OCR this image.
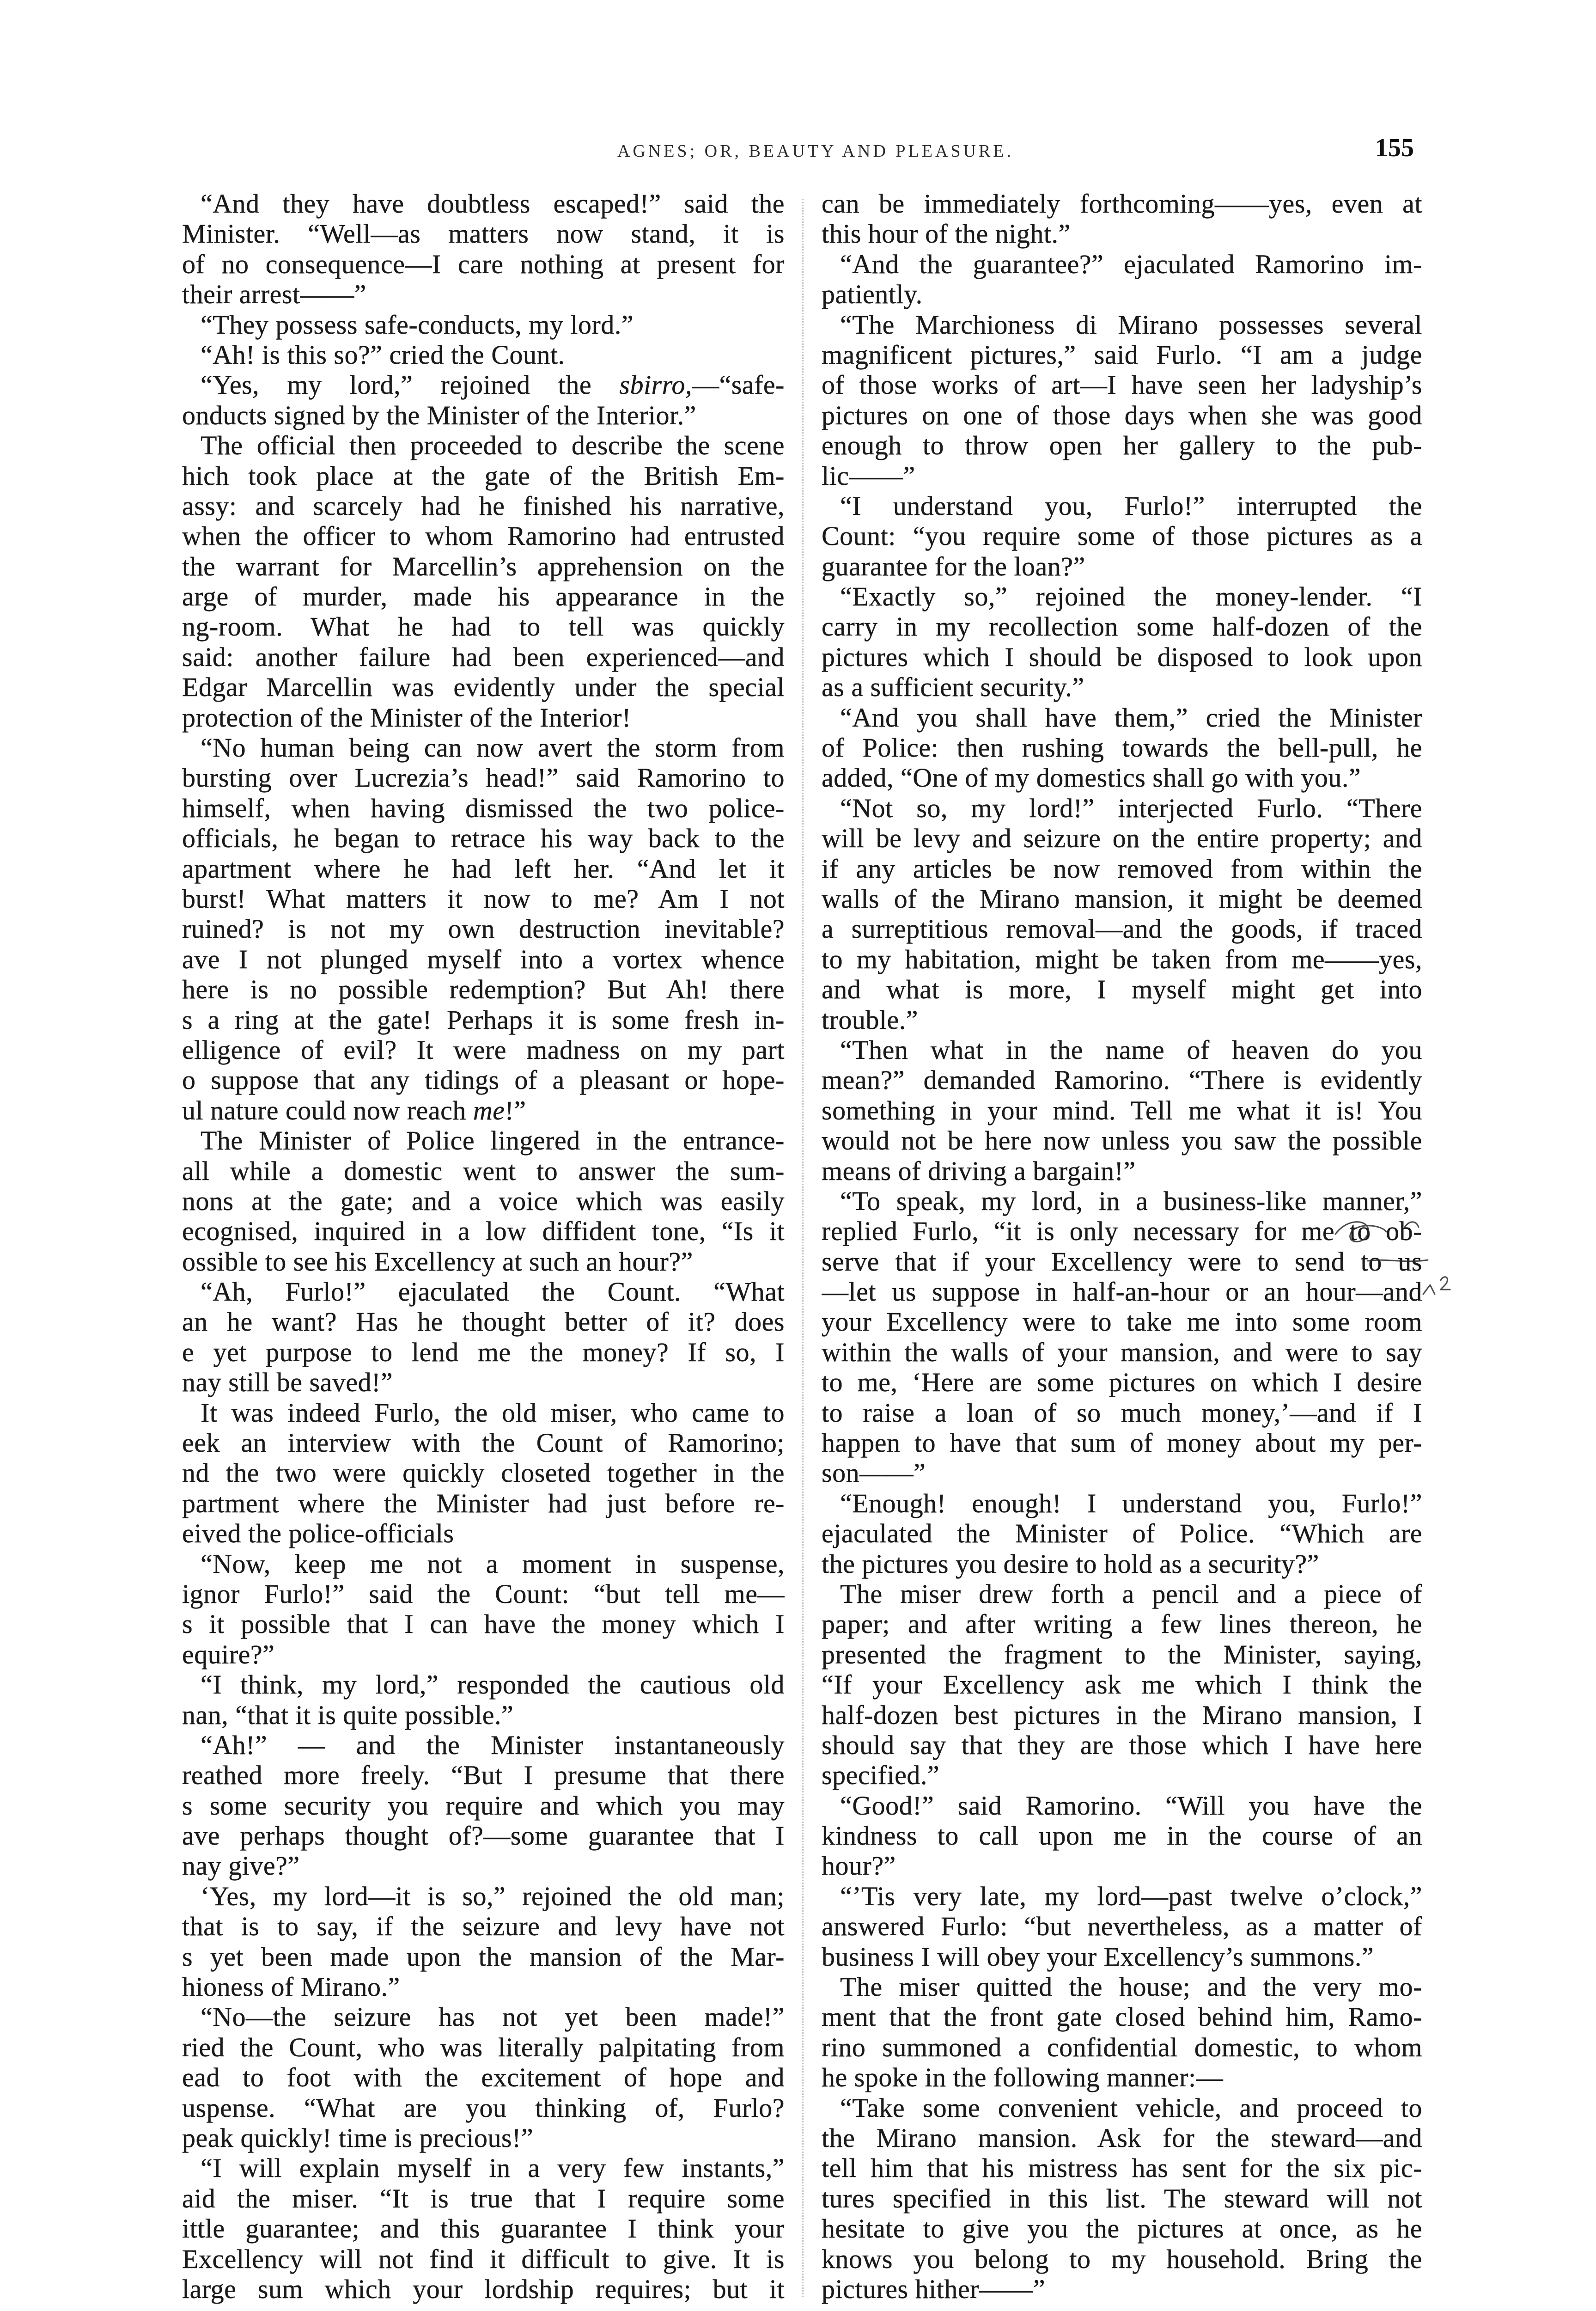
AGNES; OR, BEAUTY AND PLEASURE.	155
“And they have doubtless escaped!” said the
Minister. “Well—as matters now stand, it is
of no consequence—I care nothing at present for
their arrest——”
“They possess safe-conducts, my lord.”
“Ah! is this so?” cried the Count.
“Yes, my lord,” rejoined the sbirro,—“safe-
onducts signed by the Minister of the Interior.”
The official then proceeded to describe the scene
hich took place at the gate of the British Em-
assy: and scarcely had he finished his narrative,
when the officer to whom Ramorino had entrusted
the warrant for Marcellin’s apprehension on the
arge of murder, made his appearance in the
ng-room. What he had to tell was quickly
said: another failure had been experienced—and
Edgar Marcellin was evidently under the special
protection of the Minister of the Interior!
“No human being can now avert the storm from
bursting over Lucrezia’s head!” said Ramorino to
himself, when having dismissed the two police-
officials, he began to retrace his way back to the
apartment where he had left her. “And let it
burst! What matters it now to me? Am I not
ruined? is not my own destruction inevitable?
ave I not plunged myself into a vortex whence
here is no possible redemption? But Ah! there
s a ring at the gate! Perhaps it is some fresh in-
elligence of evil? It were madness on my part
o suppose that any tidings of a pleasant or hope-
ul nature could now reach me!”
The Minister of Police lingered in the entrance-
all while a domestic went to answer the sum-
nons at the gate; and a voice which was easily
ecognised, inquired in a low diffident tone, “Is it
ossible to see his Excellency at such an hour?”
“Ah, Furlo!” ejaculated the Count. “What
an he want? Has he thought better of it? does
e yet purpose to lend me the money? If so, I
nay still be saved!”
It was indeed Furlo, the old miser, who came to
eek an interview with the Count of Ramorino;
nd the two were quickly closeted together in the
partment where the Minister had just before re-
eived the police-officials
“Now, keep me not a moment in suspense,
ignor Furlo!” said the Count: “but tell me—
s it possible that I can have the money which I
equire?”
“I think, my lord,” responded the cautious old
nan, “that it is quite possible.”
“Ah!” — and the Minister instantaneously
reathed more freely. “But I presume that there
s some security you require and which you may
ave perhaps thought of?—some guarantee that I
nay give?”
‘Yes, my lord—it is so,” rejoined the old man;
that is to say, if the seizure and levy have not
s yet been made upon the mansion of the Mar-
hioness of Mirano.”
“No—the seizure has not yet been made!”
ried the Count, who was literally palpitating from
ead to foot with the excitement of hope and
uspense. “What are you thinking of, Furlo?
peak quickly! time is precious!”
“I will explain myself in a very few instants,”
aid the miser. “It is true that I require some
ittle guarantee; and this guarantee I think your
Excellency will not find it difficult to give. It is
large sum which your lordship requires; but it
can be immediately forthcoming——yes, even at
this hour of the night.”
“And the guarantee?” ejaculated Ramorino im-
patiently.
“The Marchioness di Mirano possesses several
magnificent pictures,” said Furlo. “I am a judge
of those works of art—I have seen her ladyship’s
pictures on one of those days when she was good
enough to throw open her gallery to the pub-
lic——”
“I understand you, Furlo!” interrupted the
Count: “you require some of those pictures as a
guarantee for the loan?”
“Exactly so,” rejoined the money-lender. “I
carry in my recollection some half-dozen of the
pictures which I should be disposed to look upon
as a sufficient security.”
“And you shall have them,” cried the Minister
of Police: then rushing towards the bell-pull, he
added, “One of my domestics shall go with you.”
“Not so, my lord!” interjected Furlo. “There
will be levy and seizure on the entire property; and
if any articles be now removed from within the
walls of the Mirano mansion, it might be deemed
a surreptitious removal—and the goods, if traced
to my habitation, might be taken from me——yes,
and what is more, I myself might get into
trouble.”
“Then what in the name of heaven do you
mean?” demanded Ramorino. “There is evidently
something in your mind. Tell me what it is! You
would not be here now unless you saw the possible
means of driving a bargain!”
“To speak, my lord, in a business-like manner,”
replied Furlo, “it is only necessary for me to ob-
serve that if your Excellency were to send to us
—let us suppose in half-an-hour or an hour—and
your Excellency were to take me into some room
within the walls of your mansion, and were to say
to me, ‘Here are some pictures on which I desire
to raise a loan of so much money,’—and if I
happen to have that sum of money about my per-
son——”
“Enough! enough! I understand you, Furlo!”
ejaculated the Minister of Police. “Which are
the pictures you desire to hold as a security?”
The miser drew forth a pencil and a piece of
paper; and after writing a few lines thereon, he
presented the fragment to the Minister, saying,
“If your Excellency ask me which I think the
half-dozen best pictures in the Mirano mansion, I
should say that they are those which I have here
specified.”
“Good!” said Ramorino. “Will you have the
kindness to call upon me in the course of an
hour?”
“’Tis very late, my lord—past twelve o’clock,”
answered Furlo: “but nevertheless, as a matter of
business I will obey your Excellency’s summons.”
The miser quitted the house; and the very mo-
ment that the front gate closed behind him, Ramo-
rino summoned a confidential domestic, to whom
he spoke in the following manner:—
“Take some convenient vehicle, and proceed to
the Mirano mansion. Ask for the steward—and
tell him that his mistress has sent for the six pic-
tures specified in this list. The steward will not
hesitate to give you the pictures at once, as he
knows you belong to my household. Bring the
pictures hither——”
